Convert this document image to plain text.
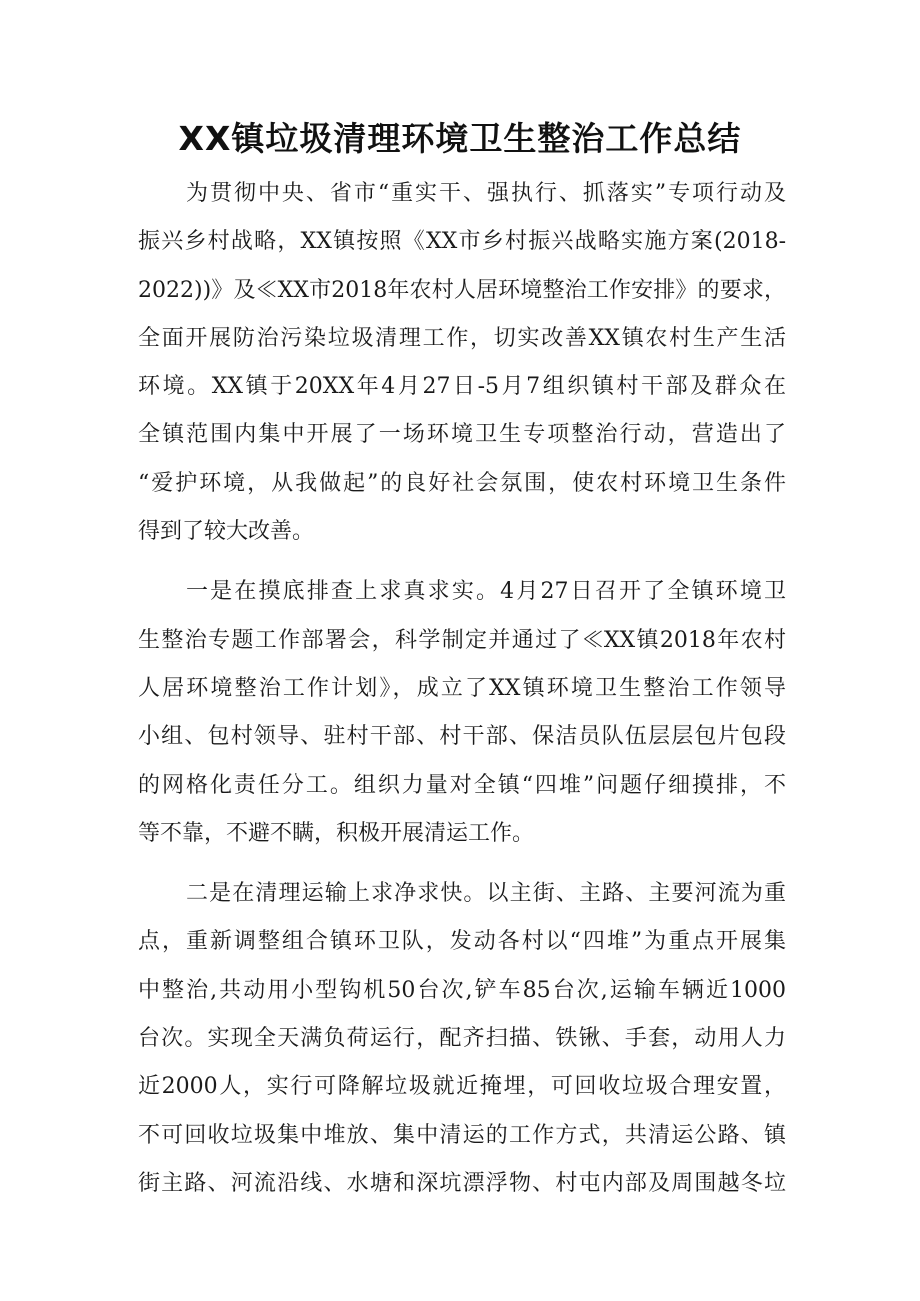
XX镇垃圾清理环境卫生整治工作总结
为贯彻中央、省市“重实干、强执行、抓落实”专项行动及
振兴乡村战略，XX镇按照《XX市乡村振兴战略实施方案(2018-
2022))》及≪XX市2018年农村人居环境整治工作安排》的要求，
全面开展防治污染垃圾清理工作，切实改善XX镇农村生产生活
环境。XX镇于20XX年4月27日-5月7组织镇村干部及群众在
全镇范围内集中开展了一场环境卫生专项整治行动，营造出了
“爱护环境，从我做起”的良好社会氛围，使农村环境卫生条件
得到了较大改善。
一是在摸底排查上求真求实。4月27日召开了全镇环境卫
生整治专题工作部署会，科学制定并通过了≪XX镇2018年农村
人居环境整治工作计划》，成立了XX镇环境卫生整治工作领导
小组、包村领导、驻村干部、村干部、保洁员队伍层层包片包段
的网格化责任分工。组织力量对全镇“四堆”问题仔细摸排，不
等不靠，不避不瞒，积极开展清运工作。
二是在清理运输上求净求快。以主街、主路、主要河流为重
点，重新调整组合镇环卫队，发动各村以“四堆”为重点开展集
中整治,共动用小型钩机50台次,铲车85台次,运输车辆近1000
台次。实现全天满负荷运行，配齐扫描、铁锹、手套，动用人力
近2000人，实行可降解垃圾就近掩埋，可回收垃圾合理安置，
不可回收垃圾集中堆放、集中清运的工作方式，共清运公路、镇
街主路、河流沿线、水塘和深坑漂浮物、村屯内部及周围越冬垃
